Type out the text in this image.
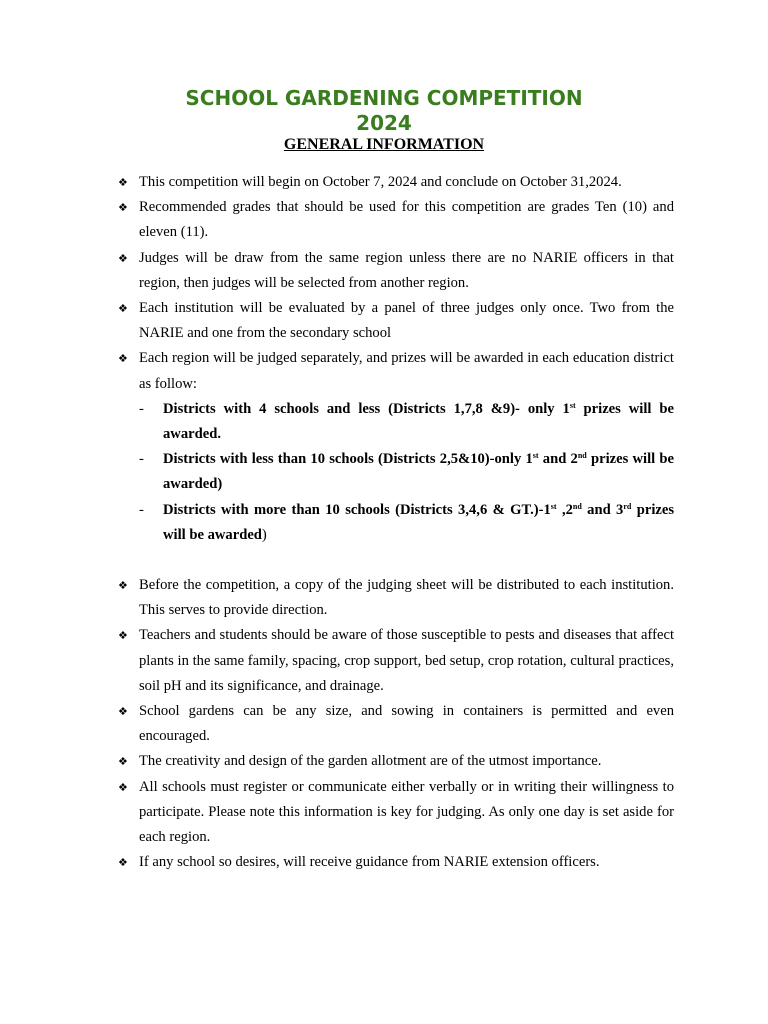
SCHOOL GARDENING COMPETITION
2024
GENERAL INFORMATION
❖ This competition will begin on October 7, 2024 and conclude on October 31,2024.
❖ Recommended grades that should be used for this competition are grades Ten (10) and eleven (11).
❖ Judges will be draw from the same region unless there are no NARIE officers in that region, then judges will be selected from another region.
❖ Each institution will be evaluated by a panel of three judges only once. Two from the NARIE and one from the secondary school
❖ Each region will be judged separately, and prizes will be awarded in each education district as follow:
- Districts with 4 schools and less (Districts 1,7,8 &9)- only 1st prizes will be awarded.
- Districts with less than 10 schools (Districts 2,5&10)-only 1st and 2nd prizes will be awarded)
- Districts with more than 10 schools (Districts 3,4,6 & GT.)-1st ,2nd and 3rd prizes will be awarded)
❖ Before the competition, a copy of the judging sheet will be distributed to each institution. This serves to provide direction.
❖ Teachers and students should be aware of those susceptible to pests and diseases that affect plants in the same family, spacing, crop support, bed setup, crop rotation, cultural practices, soil pH and its significance, and drainage.
❖ School gardens can be any size, and sowing in containers is permitted and even encouraged.
❖ The creativity and design of the garden allotment are of the utmost importance.
❖ All schools must register or communicate either verbally or in writing their willingness to participate. Please note this information is key for judging. As only one day is set aside for each region.
❖ If any school so desires, will receive guidance from NARIE extension officers.
